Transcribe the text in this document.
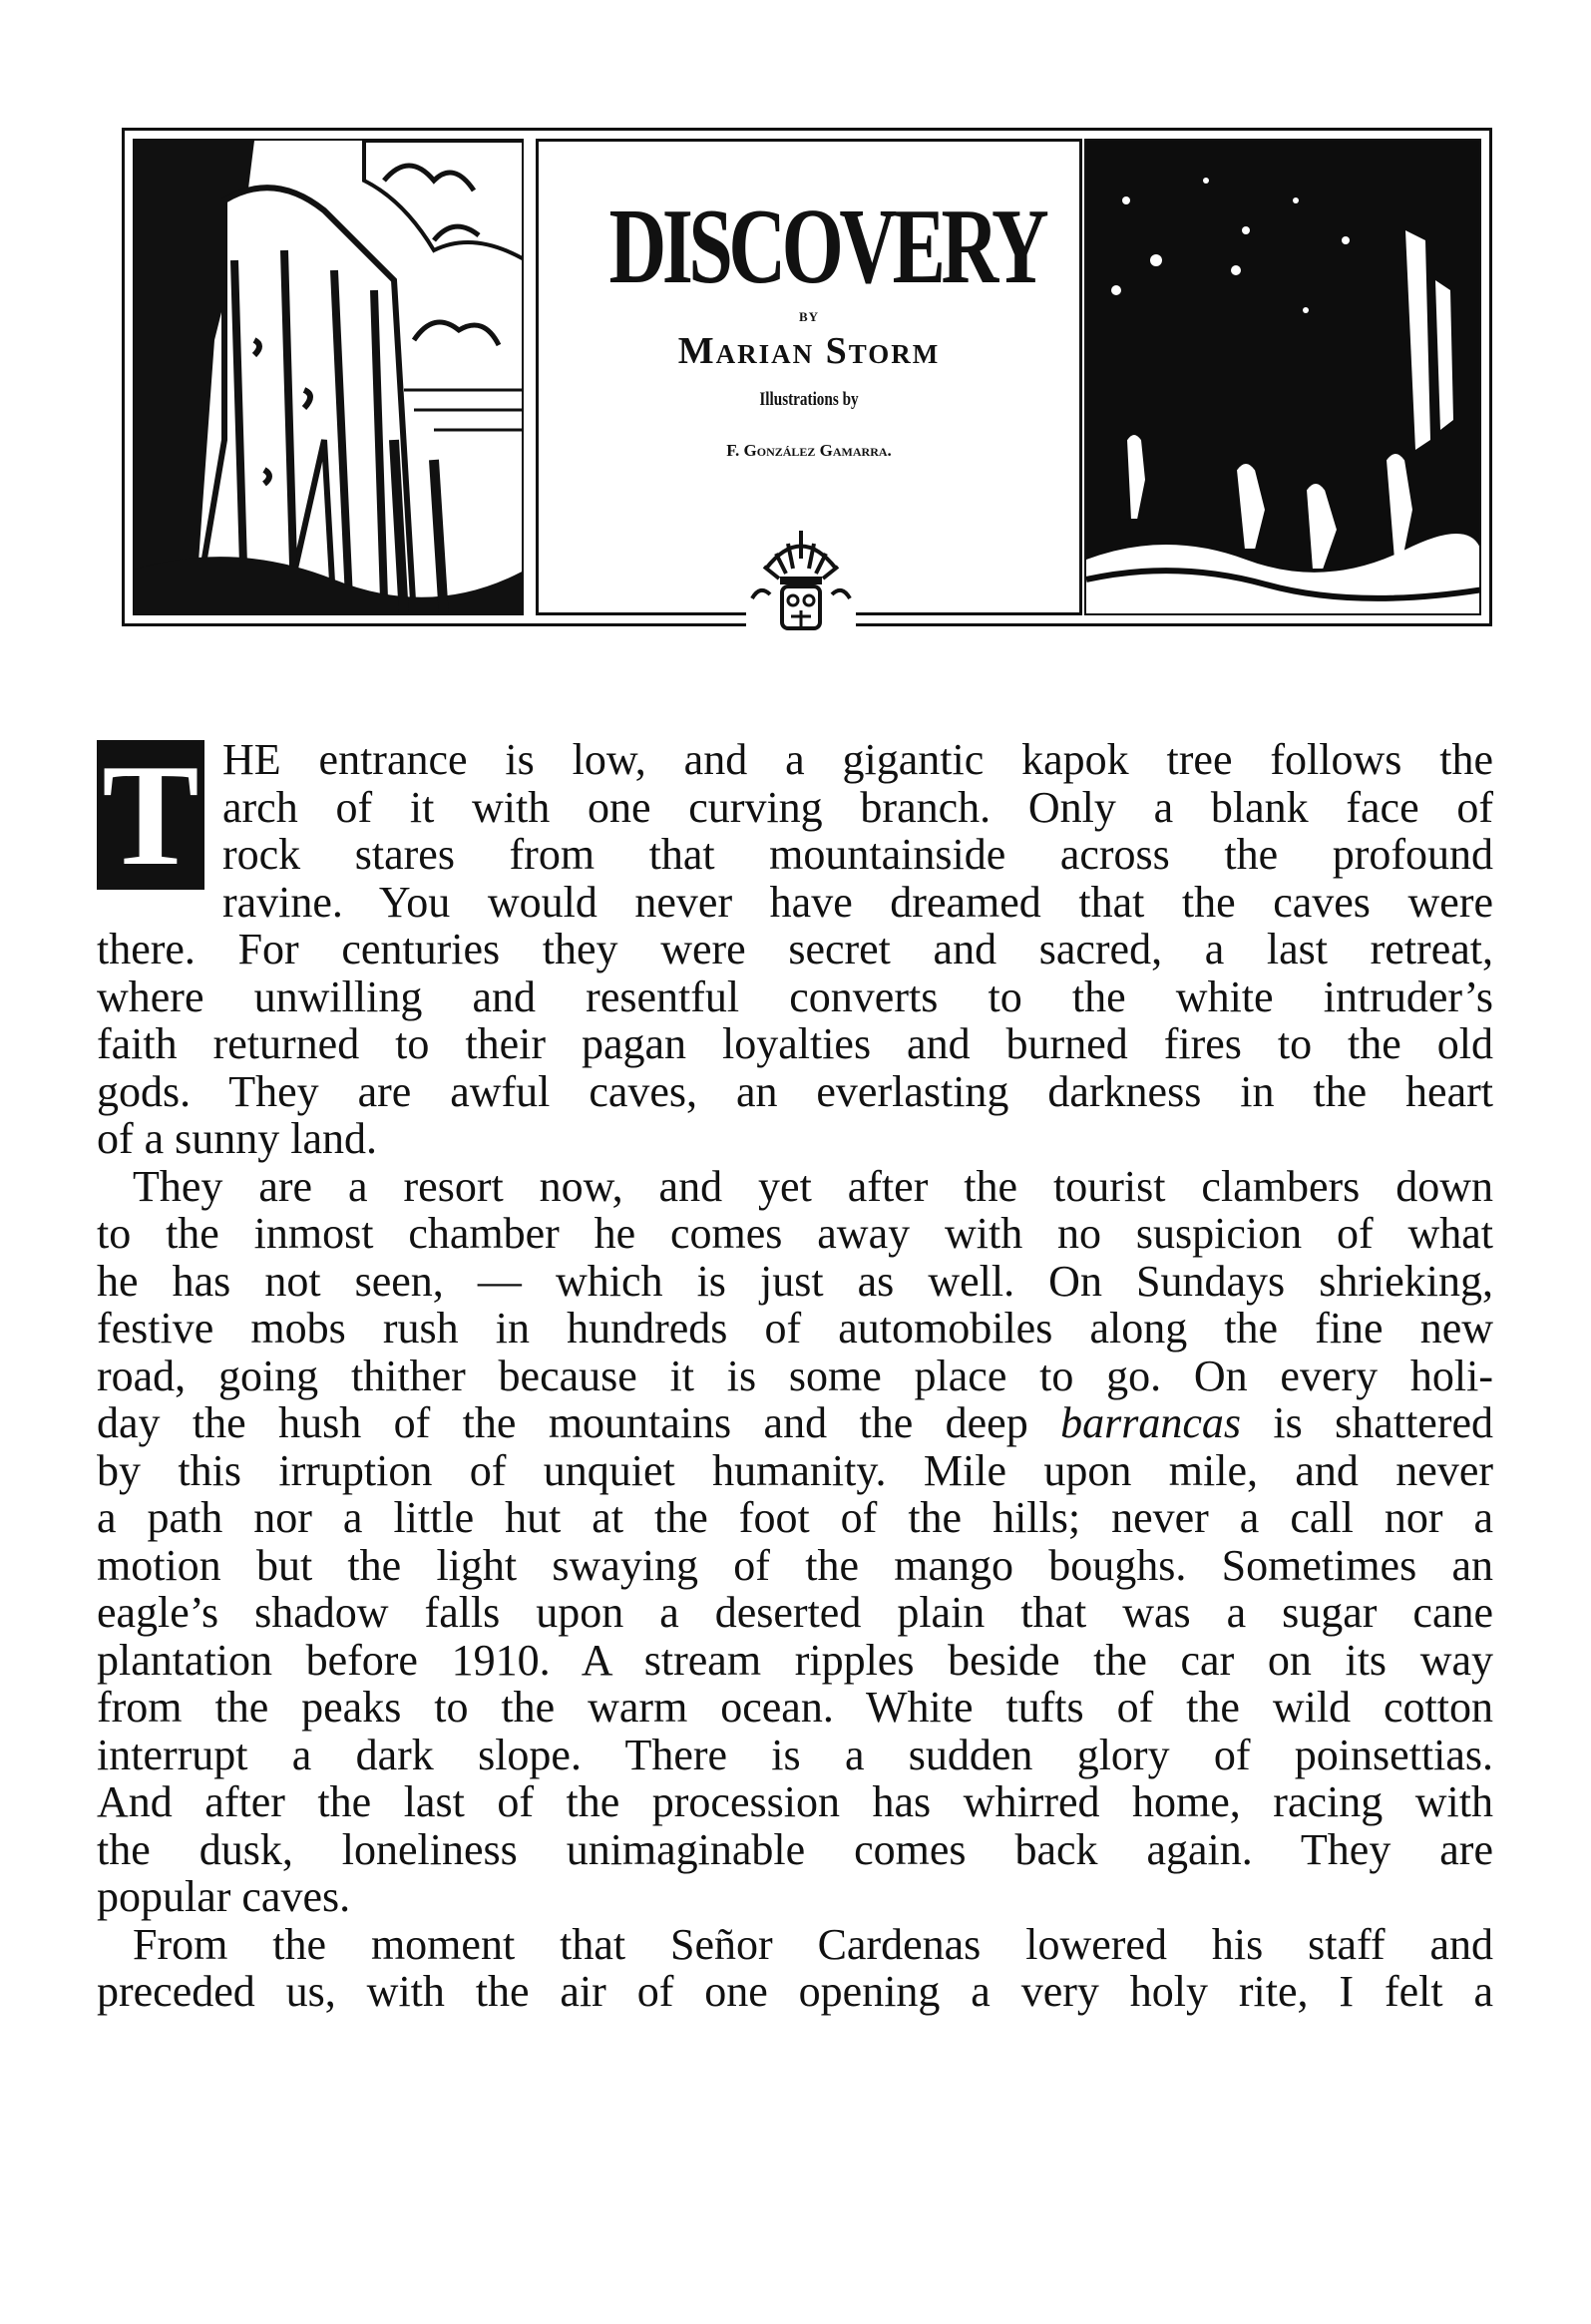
DISCOVERY
BY
Marian Storm
Illustrations by
F. González Gamarra.
T HE entrance is low, and a gigantic kapok tree follows the
arch of it with one curving branch. Only a blank face of
rock stares from that mountainside across the profound
ravine. You would never have dreamed that the caves were
there. For centuries they were secret and sacred, a last retreat,
where unwilling and resentful converts to the white intruder’s
faith returned to their pagan loyalties and burned fires to the old
gods. They are awful caves, an everlasting darkness in the heart
of a sunny land.

They are a resort now, and yet after the tourist clambers down
to the inmost chamber he comes away with no suspicion of what
he has not seen, — which is just as well. On Sundays shrieking,
festive mobs rush in hundreds of automobiles along the fine new
road, going thither because it is some place to go. On every holi-
day the hush of the mountains and the deep barrancas is shattered
by this irruption of unquiet humanity. Mile upon mile, and never
a path nor a little hut at the foot of the hills; never a call nor a
motion but the light swaying of the mango boughs. Sometimes an
eagle’s shadow falls upon a deserted plain that was a sugar cane
plantation before 1910. A stream ripples beside the car on its way
from the peaks to the warm ocean. White tufts of the wild cotton
interrupt a dark slope. There is a sudden glory of poinsettias.
And after the last of the procession has whirred home, racing with
the dusk, loneliness unimaginable comes back again. They are
popular caves.

From the moment that Señor Cardenas lowered his staff and
preceded us, with the air of one opening a very holy rite, I felt a
